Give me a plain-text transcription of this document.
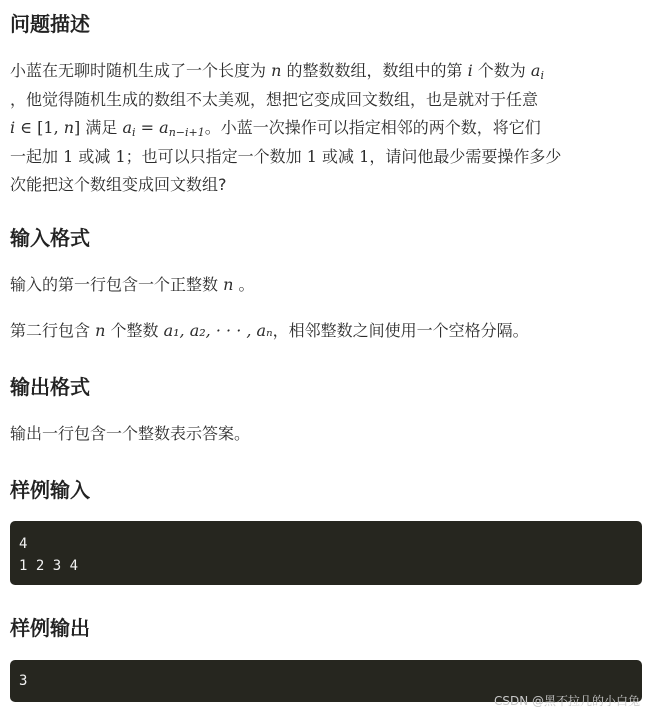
问题描述

小蓝在无聊时随机生成了一个长度为 n 的整数数组，数组中的第 i 个数为 $a_i$
，他觉得随机生成的数组不太美观，想把它变成回文数组，也是就对于任意
i ∈ [1, n] 满足 $a_i = a_{n-i+1}$。小蓝一次操作可以指定相邻的两个数，将它们
一起加 1 或减 1；也可以只指定一个数加 1 或减 1，请问他最少需要操作多少
次能把这个数组变成回文数组?

输入格式

输入的第一行包含一个正整数 n 。

第二行包含 n 个整数 a₁, a₂, · · · , aₙ，相邻整数之间使用一个空格分隔。

输出格式

输出一行包含一个整数表示答案。

样例输入
4
1 2 3 4
样例输出
3
CSDN @黑不拉几的小白兔
